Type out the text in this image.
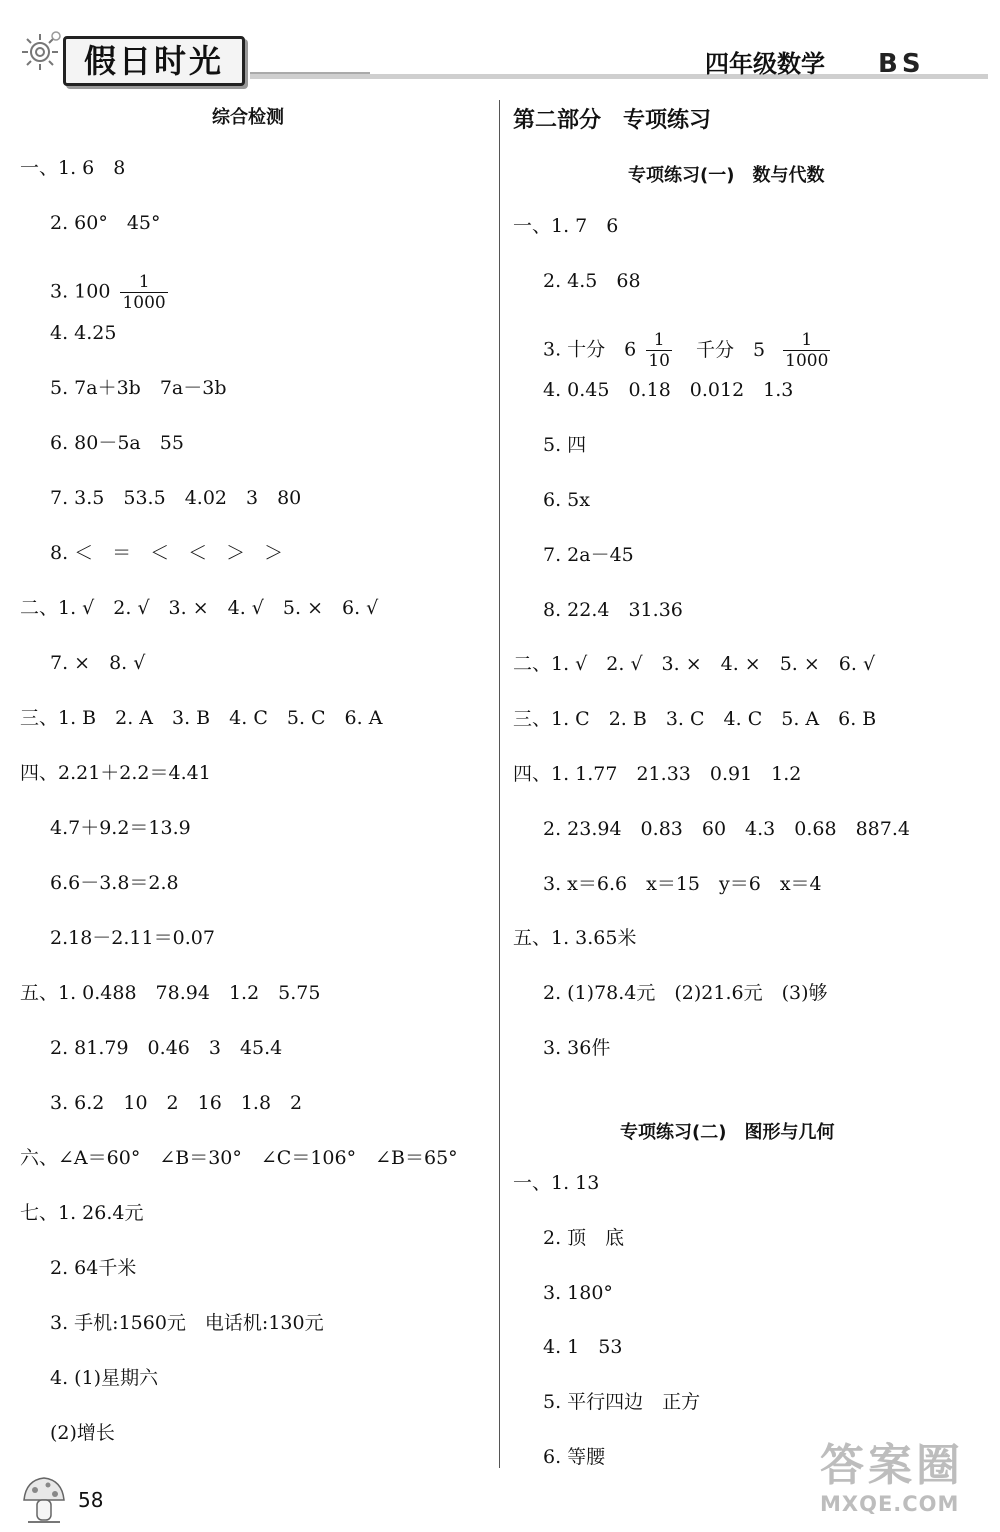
假日时光	四年级数学 BS
综合检测
一、1. 6　8
2. 60°　45°
4. 4.25
5. 7a＋3b　7a－3b
6. 80－5a　55
7. 3.5　53.5　4.02　3　80
8. ＜　＝　＜　＜　＞　＞
二、1. √　2. √　3. ×　4. √　5. ×　6. √
7. ×　8. √
三、1. B　2. A　3. B　4. C　5. C　6. A
四、2.21＋2.2＝4.41
4.7＋9.2＝13.9
6.6－3.8＝2.8
2.18－2.11＝0.07
五、1. 0.488　78.94　1.2　5.75
2. 81.79　0.46　3　45.4
3. 6.2　10　2　16　1.8　2
六、∠A＝60°　∠B＝30°　∠C＝106°　∠B＝65°
七、1. 26.4元
2. 64千米
3. 手机:1560元　电话机:130元
4. (1)星期六
(2)增长
3. $100 \frac{1}{1000}$
第二部分　专项练习
专项练习(一)　数与代数
一、1. 7　6
2. 4.5　68
4. 0.45　0.18　0.012　1.3
5. 四
6. 5x
7. 2a－45
8. 22.4　31.36
二、1. √　2. √　3. ×　4. ×　5. ×　6. √
三、1. C　2. B　3. C　4. C　5. A　6. B
四、1. 1.77　21.33　0.91　1.2
2. 23.94　0.83　60　4.3　0.68　887.4
3. x＝6.6　x＝15　y＝6　x＝4
五、1. 3.65米
2. (1)78.4元　(2)21.6元　(3)够
3. 36件
3. 十分　$6 \frac{1}{10}$ 千分　$5 \frac{1}{1000}$
专项练习(二)　图形与几何
一、1. 13
2. 顶　底
3. 180°
4. 1　53
5. 平行四边　正方
6. 等腰
58
答案圈
MXQE.COM
